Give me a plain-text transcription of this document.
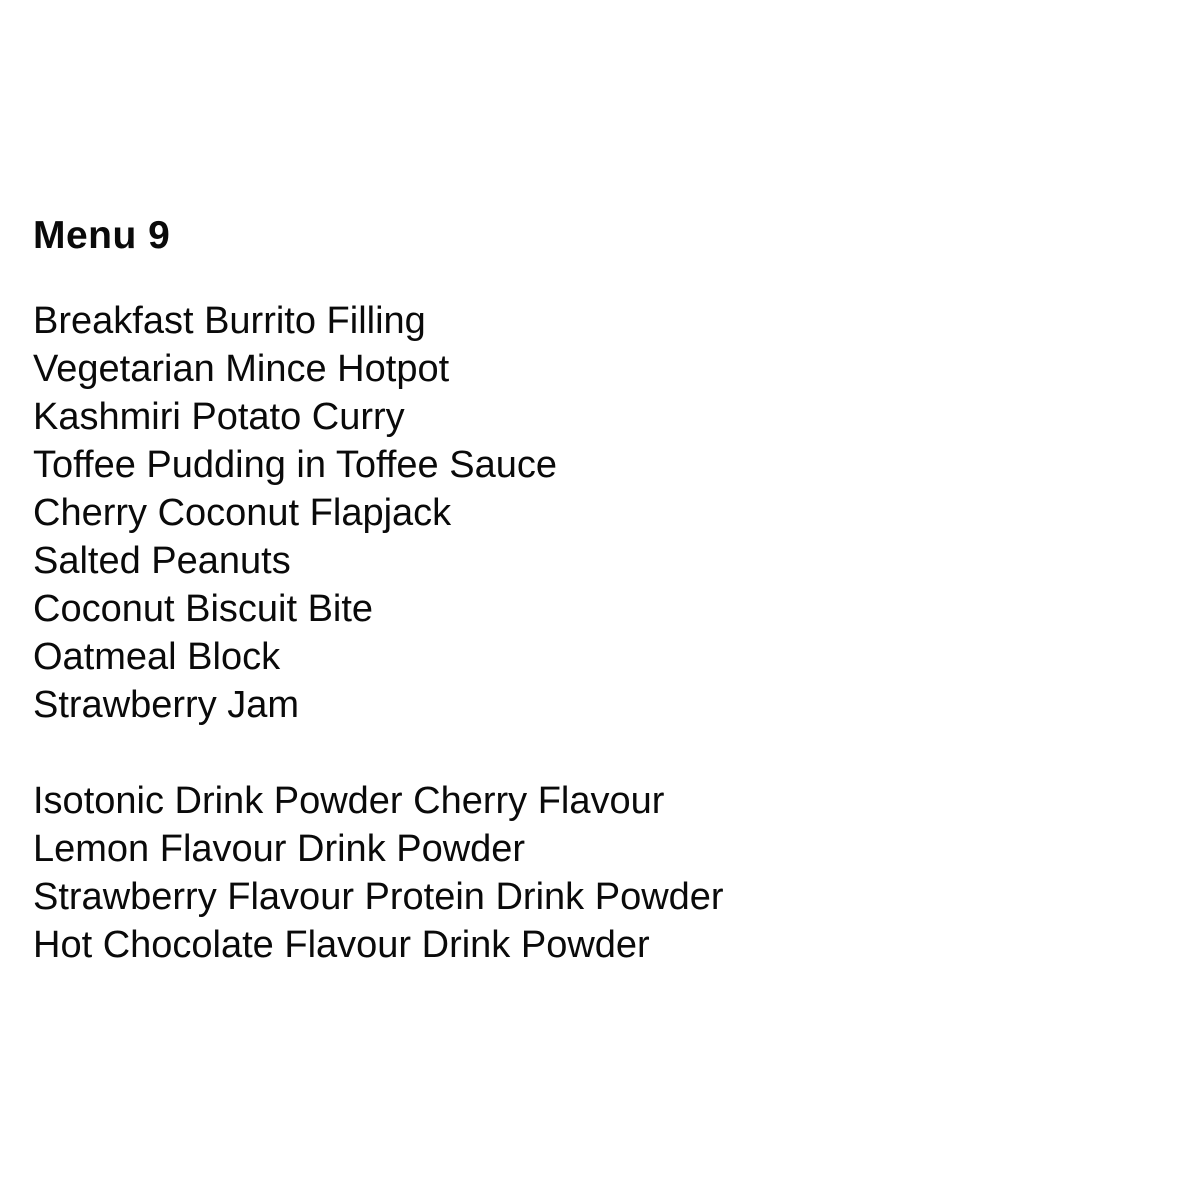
Menu 9
Breakfast Burrito Filling
Vegetarian Mince Hotpot
Kashmiri Potato Curry
Toffee Pudding in Toffee Sauce
Cherry Coconut Flapjack
Salted Peanuts
Coconut Biscuit Bite
Oatmeal Block
Strawberry Jam
Isotonic Drink Powder Cherry Flavour
Lemon Flavour Drink Powder
Strawberry Flavour Protein Drink Powder
Hot Chocolate Flavour Drink Powder
